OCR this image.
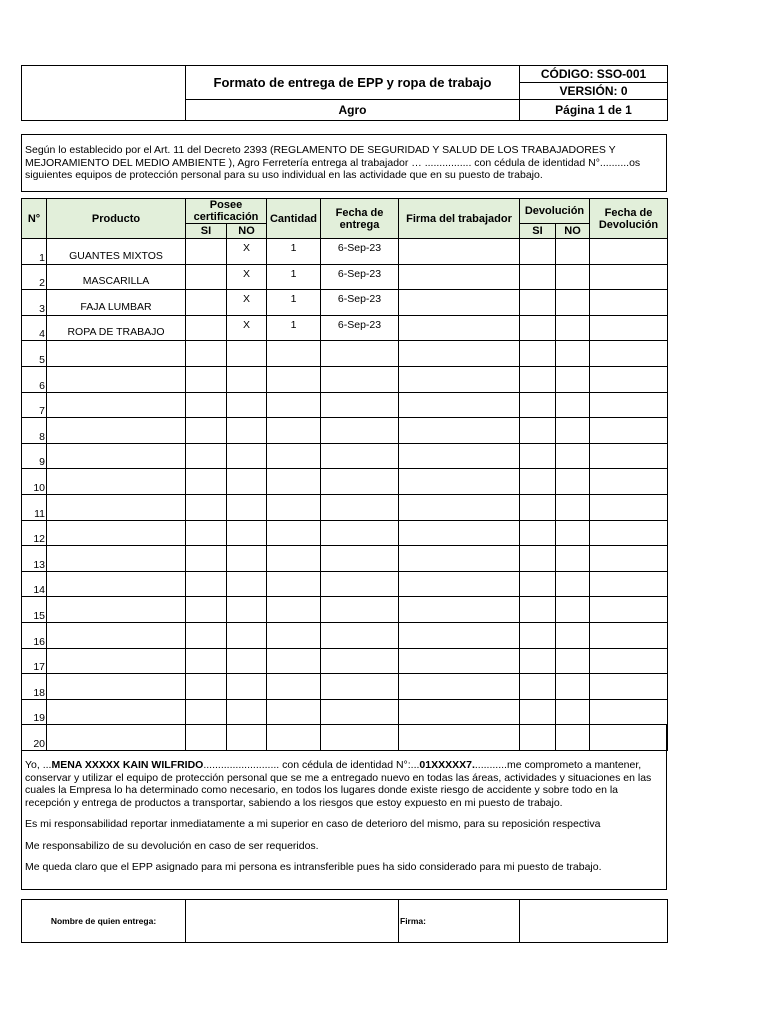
	Formato de entrega de EPP y ropa de trabajo	CÓDIGO: SSO-001
		VERSIÓN: 0
	Agro	Página 1 de 1
Según lo establecido por el Art. 11 del Decreto 2393 (REGLAMENTO DE SEGURIDAD Y SALUD DE LOS TRABAJADORES Y MEJORAMIENTO DEL MEDIO AMBIENTE ), Agro Ferretería entrega al trabajador … ................ con cédula de identidad N°..........os siguientes equipos de protección personal para su uso individual en las actividade que en su puesto de trabajo.
N°	Producto	Posee certificación		Cantidad	Fecha de entrega	Firma del trabajador	Devolución		Fecha de Devolución
		SI	NO				SI	NO	
1	GUANTES MIXTOS		X	1	6-Sep-23				
2	MASCARILLA		X	1	6-Sep-23				
3	FAJA LUMBAR		X	1	6-Sep-23				
4	ROPA DE TRABAJO		X	1	6-Sep-23				
5									
6									
7									
8									
9									
10									
11									
12									
13									
14									
15									
16									
17									
18									
19									
20									

Yo, ...MENA XXXXX KAIN WILFRIDO.......................... con cédula de identidad N°:...01XXXXX7............me comprometo a mantener, conservar y utilizar el equipo de protección personal que se me a entregado nuevo en todas las áreas, actividades y situaciones en las cuales la Empresa lo ha determinado como necesario, en todos los lugares donde existe riesgo de accidente y sobre todo en la recepción y entrega de productos a transportar, sabiendo a los riesgos que estoy expuesto en mi puesto de trabajo.

Es mi responsabilidad reportar inmediatamente a mi superior en caso de deterioro del mismo, para su reposición respectiva

Me responsabilizo de su devolución en caso de ser requeridos.

Me queda claro que el EPP asignado para mi persona es intransferible pues ha sido considerado para mi puesto de trabajo.

Nombre de quien entrega:		Firma:	
